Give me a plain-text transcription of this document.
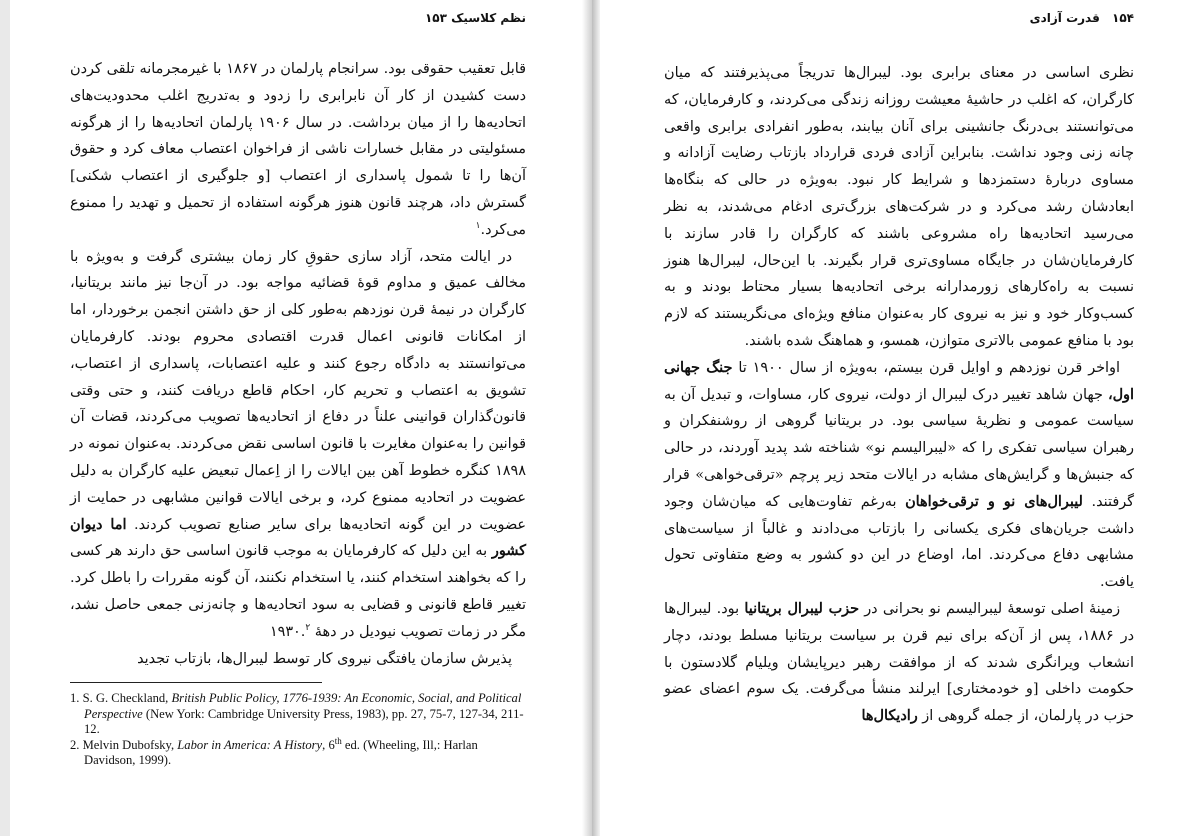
نظم کلاسیک ۱۵۳

قابل تعقیب حقوقی بود. سرانجام پارلمان در ۱۸۶۷ با غیرمجرمانه تلقی کردن دست کشیدن از کار آن نابرابری را زدود و به‌تدریج اغلب محدودیت‌های اتحادیه‌ها را از میان برداشت. در سال ۱۹۰۶ پارلمان اتحادیه‌ها را از هرگونه مسئولیتی در مقابل خسارات ناشی از فراخوان اعتصاب معاف کرد و حقوق آن‌ها را تا شمول پاسداری از اعتصاب [و جلوگیری از اعتصاب شکنی] گسترش داد، هرچند قانون هنوز هرگونه استفاده از تحمیل و تهدید را ممنوع می‌کرد.$^۱$

در ایالت متحد، آزاد سازی حقوقِ کار زمان بیشتری گرفت و به‌ویژه با مخالف عمیق و مداوم قوهٔ قضائیه مواجه بود. در آن‌جا نیز مانند بریتانیا، کارگران در نیمهٔ قرن نوزدهم به‌طور کلی از حق داشتن انجمن برخوردار، اما از امکانات قانونی اعمال قدرت اقتصادی محروم بودند. کارفرمایان می‌توانستند به دادگاه رجوع کنند و علیه اعتصابات، پاسداری از اعتصاب، تشویق به اعتصاب و تحریم کار، احکام قاطع دریافت کنند، و حتی وقتی قانون‌گذاران قوانینی علناً در دفاع از اتحادیه‌ها تصویب می‌کردند، قضات آن قوانین را به‌عنوان مغایرت با قانون اساسی نقض می‌کردند. به‌عنوان نمونه در ۱۸۹۸ کنگره خطوط آهن بین ایالات را از اِعمال تبعیض علیه کارگران به دلیل عضویت در اتحادیه ممنوع کرد، و برخی ایالات قوانین مشابهی در حمایت از عضویت در این گونه اتحادیه‌ها برای سایر صنایع تصویب کردند. اما دیوان کشور به این دلیل که کارفرمایان به موجب قانون اساسی حق دارند هر کسی را که بخواهند استخدام کنند، یا استخدام نکنند، آن گونه مقررات را باطل کرد. تغییر قاطع قانونی و قضایی به سود اتحادیه‌ها و چانه‌زنی جمعی حاصل نشد، مگر در زمات تصویب نیودیل در دههٔ ۱۹۳۰.$^۲$

پذیرش سازمان یافتگی نیروی کار توسط لیبرال‌ها، بازتاب تجدید

1. S. G. Checkland, British Public Policy, 1776-1939: An Economic, Social, and Political Perspective (New York: Cambridge University Press, 1983), pp. 27, 75-7, 127-34, 211-12.
2. Melvin Dubofsky, Labor in America: A History, 6th ed. (Wheeling, Ill,: Harlan Davidson, 1999).
۱۵۴ قدرت آزادی

نظری اساسی در معنای برابری بود. لیبرال‌ها تدریجاً می‌پذیرفتند که میان کارگران، که اغلب در حاشیهٔ معیشت روزانه زندگی می‌کردند، و کارفرمایان، که می‌توانستند بی‌درنگ جانشینی برای آنان بیابند، به‌طور انفرادی برابری واقعی چانه زنی وجود نداشت. بنابراین آزادی فردی قرارداد بازتاب رضایت آزادانه و مساوی دربارهٔ دستمزدها و شرایط کار نبود. به‌ویژه در حالی که بنگاه‌ها ابعادشان رشد می‌کرد و در شرکت‌های بزرگ‌تری ادغام می‌شدند، به نظر می‌رسید اتحادیه‌ها راه مشروعی باشند که کارگران را قادر سازند با کارفرمایان‌شان در جایگاه مساوی‌تری قرار بگیرند. با این‌حال، لیبرال‌ها هنوز نسبت به راه‌کارهای زورمدارانه برخی اتحادیه‌ها بسیار محتاط بودند و به کسب‌وکار خود و نیز به نیروی کار به‌عنوان منافع ویژه‌ای می‌نگریستند که لازم بود با منافع عمومی بالاتری متوازن، همسو، و هماهنگ شده باشند.

اواخر قرن نوزدهم و اوایل قرن بیستم، به‌ویژه از سال ۱۹۰۰ تا جنگ جهانی اول، جهان شاهد تغییر درک لیبرال از دولت، نیروی کار، مساوات، و تبدیل آن به سیاست عمومی و نظریهٔ سیاسی بود. در بریتانیا گروهی از روشنفکران و رهبران سیاسی تفکری را که «لیبرالیسم نو» شناخته شد پدید آوردند، در حالی که جنبش‌ها و گرایش‌های مشابه در ایالات متحد زیر پرچم «ترقی‌خواهی» قرار گرفتند. لیبرال‌های نو و ترقی‌خواهان به‌رغم تفاوت‌هایی که میان‌شان وجود داشت جریان‌های فکری یکسانی را بازتاب می‌دادند و غالباً از سیاست‌های مشابهی دفاع می‌کردند. اما، اوضاع در این دو کشور به وضع متفاوتی تحول یافت.

زمینهٔ اصلی توسعهٔ لیبرالیسم نو بحرانی در حزب لیبرال بریتانیا بود. لیبرال‌ها در ۱۸۸۶، پس از آن‌که برای نیم قرن بر سیاست بریتانیا مسلط بودند، دچار انشعاب ویرانگری شدند که از موافقت رهبر دیرپایشان ویلیام گلادستون با حکومت داخلی [و خودمختاری] ایرلند منشأ می‌گرفت. یک سوم اعضای عضو حزب در پارلمان، از جمله گروهی از رادیکال‌ها
